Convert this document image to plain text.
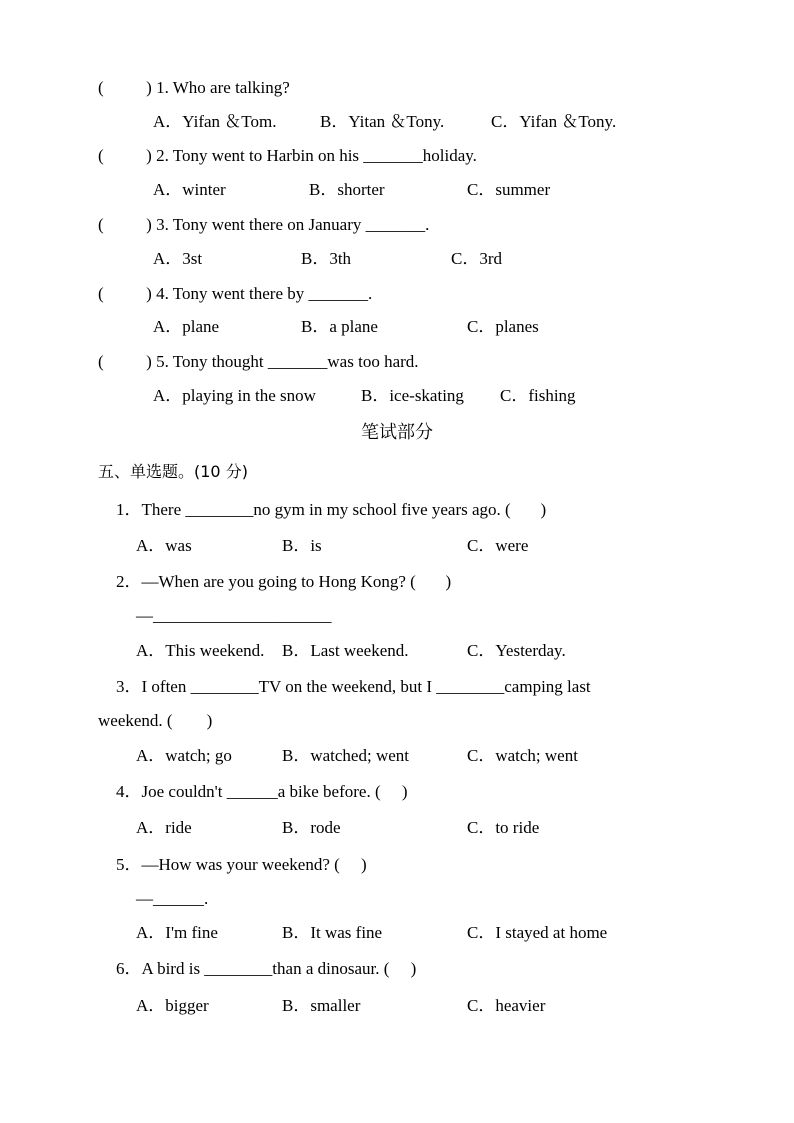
(          ) 1. Who are talking?
A．Yifan ＆Tom.	B．Yitan ＆Tony.	C．Yifan ＆Tony.
(          ) 2. Tony went to Harbin on his _______holiday.
A．winter	B．shorter	C．summer
(          ) 3. Tony went there on January _______.
A．3st	B．3th	C．3rd
(          ) 4. Tony went there by _______.
A．plane	B．a plane	C．planes
(          ) 5. Tony thought _______was too hard.
A．playing in the snow	B．ice-skating C．fishing
笔试部分
五、单选题。(10 分)
1．There ________no gym in my school five years ago. (       )
A．was	B．is	C．were
2．—When are you going to Hong Kong? (       )
—_____________________
A．This weekend. B．Last weekend.	C．Yesterday.
3．I often ________TV on the weekend, but I ________camping last
weekend. (        )
A．watch; go	B．watched; went	C．watch; went
4．Joe couldn't ______a bike before. (     )
A．ride	B．rode	C．to ride
5．—How was your weekend? (     )
—______.
A．I'm fine	B．It was fine	C．I stayed at home
6．A bird is ________than a dinosaur. (     )
A．bigger	B．smaller	C．heavier
